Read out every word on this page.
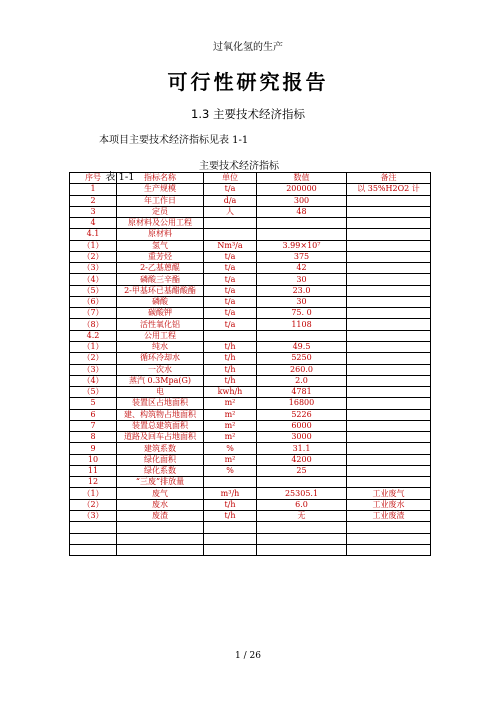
过氧化氢的生产
可行性研究报告
1.3 主要技术经济指标
本项目主要技术经济指标见表 1-1

表 1-1

主要技术经济指标

序号	指标名称	单位	数值	备注
1	生产规模	t/a	200000	以 35%H2O2 计
2	年工作日	d/a	300	
3	定员	人	48	
4	原材料及公用工程			
4.1	原材料			
（1）	氢气	Nm³/a	3.99×10⁷	
（2）	重芳烃	t/a	375	
（3）	2-乙基蒽醌	t/a	42	
（4）	磷酸三辛酯	t/a	30	
（5）	2-甲基环已基醋酸酯	t/a	23.0	
（6）	磷酸	t/a	30	
（7）	碳酸钾	t/a	75. 0	
（8）	活性氧化铝	t/a	1108	
4.2	公用工程			
（1）	纯水	t/h	49.5	
（2）	循环冷却水	t/h	5250	
（3）	一次水	t/h	260.0	
（4）	蒸汽 0.3Mpa(G)	t/h	2.0	
（5）	电	kwh/h	4781	
5	装置区占地面积	m²	16800	
6	建、构筑物占地面积	m²	5226	
7	装置总建筑面积	m²	6000	
8	道路及回车占地面积	m²	3000	
9	建筑系数	%	31.1	
10	绿化面积	m²	4200	
11	绿化系数	%	25	
12	“三废”排放量			
（1）	废气	m³/h	25305.1	工业废气
（2）	废水	t/h	6.0	工业废水
（3）	废渣	t/h	无	工业废渣

1 / 26
